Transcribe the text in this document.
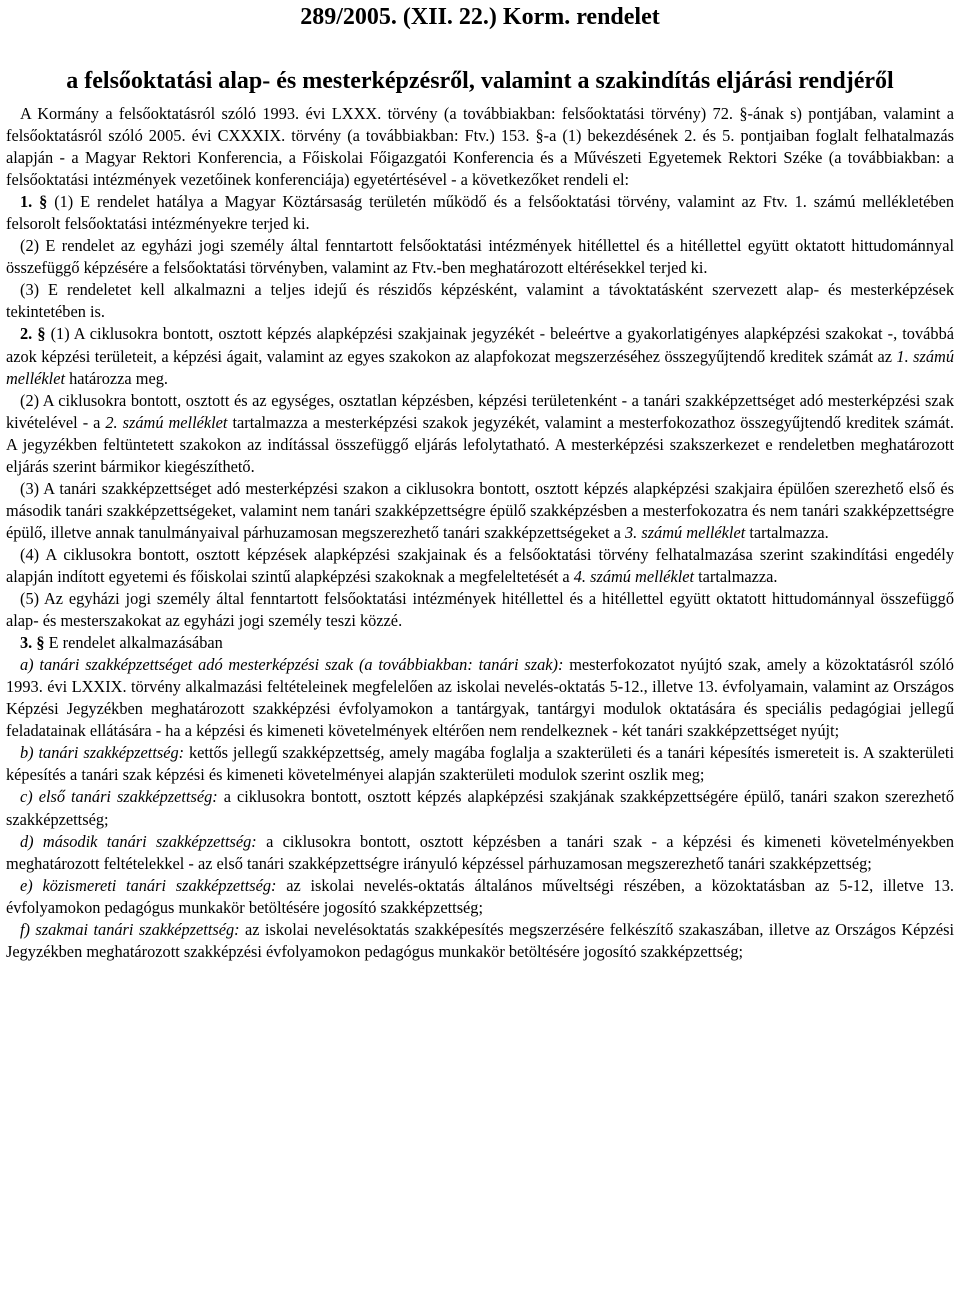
289/2005. (XII. 22.) Korm. rendelet
a felsőoktatási alap- és mesterképzésről, valamint a szakindítás eljárási rendjéről

A Kormány a felsőoktatásról szóló 1993. évi LXXX. törvény (a továbbiakban: felsőoktatási törvény) 72. §-ának s) pontjában, valamint a felsőoktatásról szóló 2005. évi CXXXIX. törvény (a továbbiakban: Ftv.) 153. §-a (1) bekezdésének 2. és 5. pontjaiban foglalt felhatalmazás alapján - a Magyar Rektori Konferencia, a Főiskolai Főigazgatói Konferencia és a Művészeti Egyetemek Rektori Széke (a továbbiakban: a felsőoktatási intézmények vezetőinek konferenciája) egyetértésével - a következőket rendeli el:

1. § (1) E rendelet hatálya a Magyar Köztársaság területén működő és a felsőoktatási törvény, valamint az Ftv. 1. számú mellékletében felsorolt felsőoktatási intézményekre terjed ki.

(2) E rendelet az egyházi jogi személy által fenntartott felsőoktatási intézmények hitéllettel és a hitéllettel együtt oktatott hittudománnyal összefüggő képzésére a felsőoktatási törvényben, valamint az Ftv.-ben meghatározott eltérésekkel terjed ki.

(3) E rendeletet kell alkalmazni a teljes idejű és részidős képzésként, valamint a távoktatásként szervezett alap- és mesterképzések tekintetében is.

2. § (1) A ciklusokra bontott, osztott képzés alapképzési szakjainak jegyzékét - beleértve a gyakorlatigényes alapképzési szakokat -, továbbá azok képzési területeit, a képzési ágait, valamint az egyes szakokon az alapfokozat megszerzéséhez összegyűjtendő kreditek számát az 1. számú melléklet határozza meg.

(2) A ciklusokra bontott, osztott és az egységes, osztatlan képzésben, képzési területenként - a tanári szakképzettséget adó mesterképzési szak kivételével - a 2. számú melléklet tartalmazza a mesterképzési szakok jegyzékét, valamint a mesterfokozathoz összegyűjtendő kreditek számát. A jegyzékben feltüntetett szakokon az indítással összefüggő eljárás lefolytatható. A mesterképzési szakszerkezet e rendeletben meghatározott eljárás szerint bármikor kiegészíthető.

(3) A tanári szakképzettséget adó mesterképzési szakon a ciklusokra bontott, osztott képzés alapképzési szakjaira épülően szerezhető első és második tanári szakképzettségeket, valamint nem tanári szakképzettségre épülő szakképzésben a mesterfokozatra és nem tanári szakképzettségre épülő, illetve annak tanulmányaival párhuzamosan megszerezhető tanári szakképzettségeket a 3. számú melléklet tartalmazza.

(4) A ciklusokra bontott, osztott képzések alapképzési szakjainak és a felsőoktatási törvény felhatalmazása szerint szakindítási engedély alapján indított egyetemi és főiskolai szintű alapképzési szakoknak a megfeleltetését a 4. számú melléklet tartalmazza.

(5) Az egyházi jogi személy által fenntartott felsőoktatási intézmények hitéllettel és a hitéllettel együtt oktatott hittudománnyal összefüggő alap- és mesterszakokat az egyházi jogi személy teszi közzé.

3. § E rendelet alkalmazásában

a) tanári szakképzettséget adó mesterképzési szak (a továbbiakban: tanári szak): mesterfokozatot nyújtó szak, amely a közoktatásról szóló 1993. évi LXXIX. törvény alkalmazási feltételeinek megfelelően az iskolai nevelés-oktatás 5-12., illetve 13. évfolyamain, valamint az Országos Képzési Jegyzékben meghatározott szakképzési évfolyamokon a tantárgyak, tantárgyi modulok oktatására és speciális pedagógiai jellegű feladatainak ellátására - ha a képzési és kimeneti követelmények eltérően nem rendelkeznek - két tanári szakképzettséget nyújt;

b) tanári szakképzettség: kettős jellegű szakképzettség, amely magába foglalja a szakterületi és a tanári képesítés ismereteit is. A szakterületi képesítés a tanári szak képzési és kimeneti követelményei alapján szakterületi modulok szerint oszlik meg;

c) első tanári szakképzettség: a ciklusokra bontott, osztott képzés alapképzési szakjának szakképzettségére épülő, tanári szakon szerezhető szakképzettség;

d) második tanári szakképzettség: a ciklusokra bontott, osztott képzésben a tanári szak - a képzési és kimeneti követelményekben meghatározott feltételekkel - az első tanári szakképzettségre irányuló képzéssel párhuzamosan megszerezhető tanári szakképzettség;

e) közismereti tanári szakképzettség: az iskolai nevelés-oktatás általános műveltségi részében, a közoktatásban az 5-12, illetve 13. évfolyamokon pedagógus munkakör betöltésére jogosító szakképzettség;

f) szakmai tanári szakképzettség: az iskolai nevelésoktatás szakképesítés megszerzésére felkészítő szakaszában, illetve az Országos Képzési Jegyzékben meghatározott szakképzési évfolyamokon pedagógus munkakör betöltésére jogosító szakképzettség;
